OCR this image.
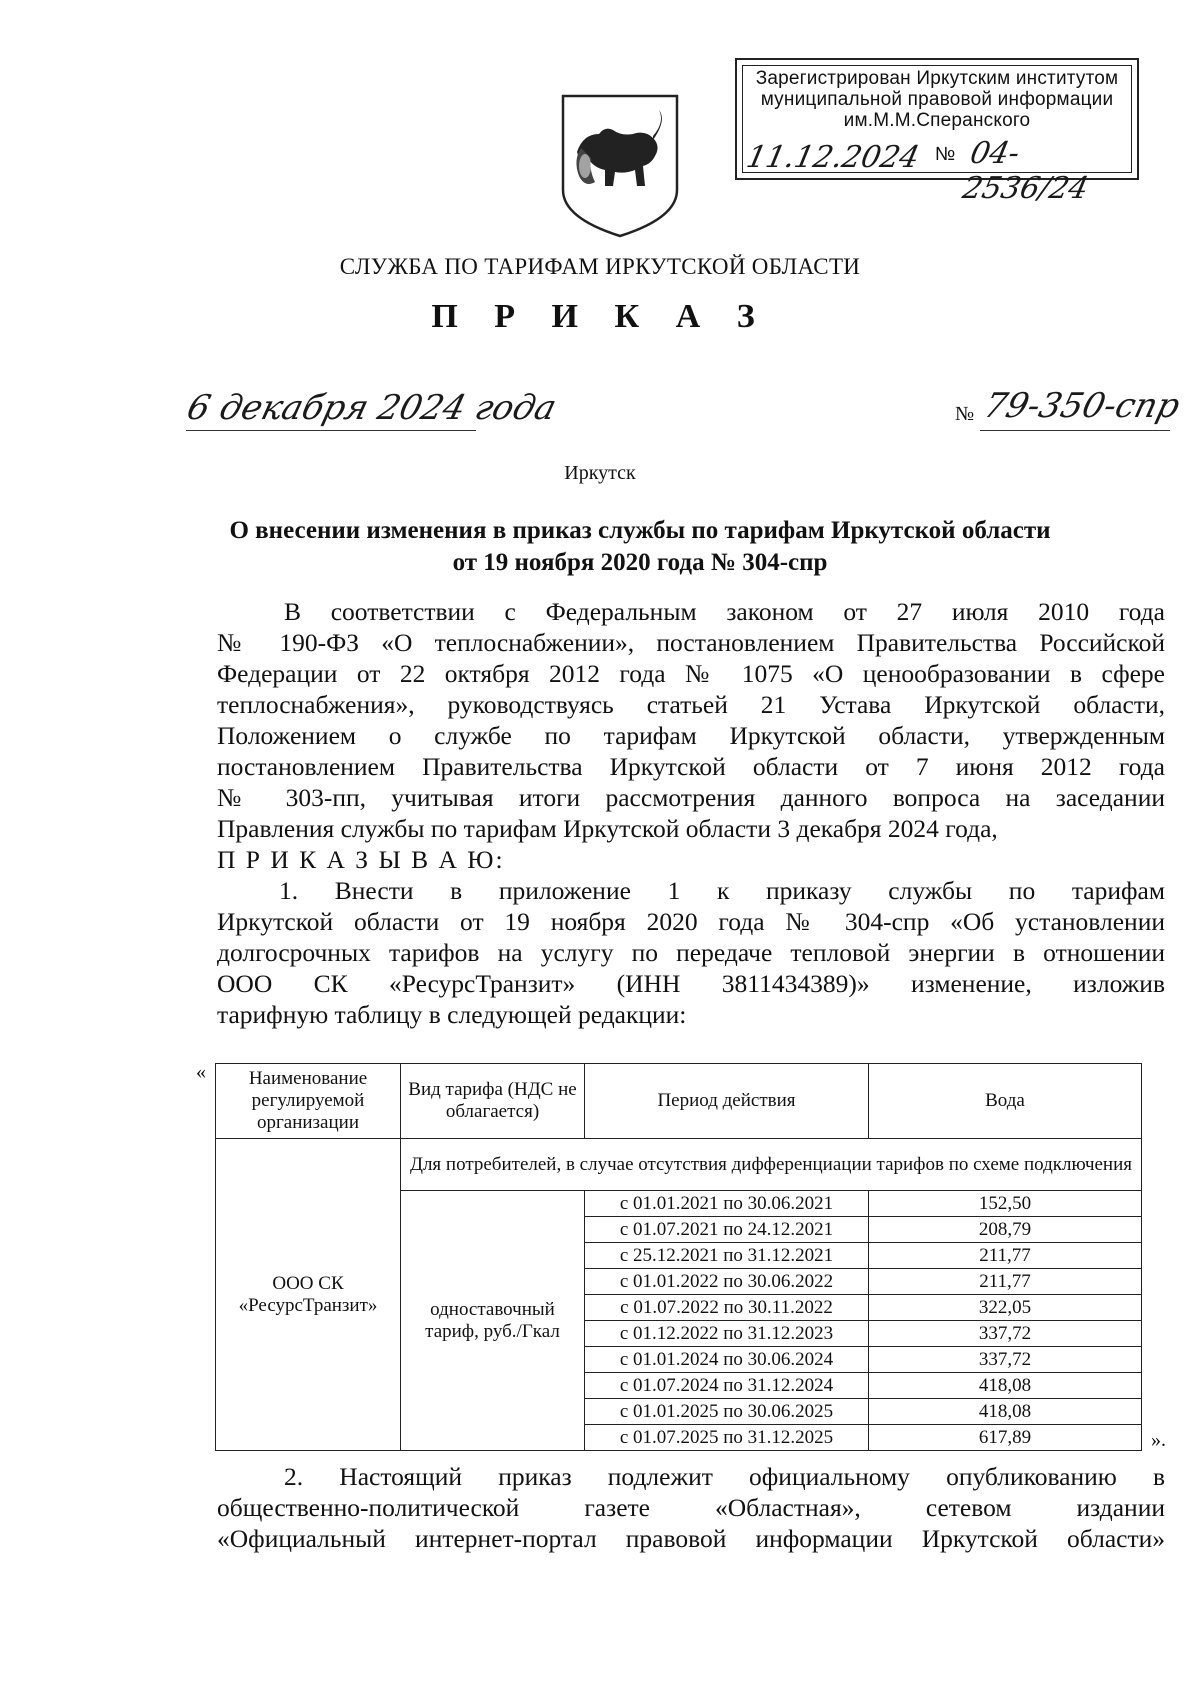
Зарегистрирован Иркутским институтом
муниципальной правовой информации
им.М.М.Сперанского
11.12.2024 № 04-2536/24
СЛУЖБА ПО ТАРИФАМ ИРКУТСКОЙ ОБЛАСТИ
П Р И К А З
6 декабря 2024 года	№ 79-350-спр
Иркутск
О внесении изменения в приказ службы по тарифам Иркутской области
от 19 ноября 2020 года № 304-спр
В соответствии с Федеральным законом от 27 июля 2010 года
№ 190-ФЗ «О теплоснабжении», постановлением Правительства Российской
Федерации от 22 октября 2012 года № 1075 «О ценообразовании в сфере
теплоснабжения», руководствуясь статьей 21 Устава Иркутской области,
Положением о службе по тарифам Иркутской области, утвержденным
постановлением Правительства Иркутской области от 7 июня 2012 года
№ 303-пп, учитывая итоги рассмотрения данного вопроса на заседании
Правления службы по тарифам Иркутской области 3 декабря 2024 года,
П Р И К А З Ы В А Ю:
1. Внести в приложение 1 к приказу службы по тарифам
Иркутской области от 19 ноября 2020 года № 304-спр «Об установлении
долгосрочных тарифов на услугу по передаче тепловой энергии в отношении
ООО СК «РесурсТранзит» (ИНН 3811434389)» изменение, изложив
тарифную таблицу в следующей редакции:
« Наименование регулируемой организации	Вид тарифа (НДС не облагается)	Период действия	Вода
ООО СК «РесурсТранзит»	Для потребителей, в случае отсутствия дифференциации тарифов по схеме подключения		
	одноставочный тариф, руб./Гкал	с 01.01.2021 по 30.06.2021	152,50
		с 01.07.2021 по 24.12.2021	208,79
		с 25.12.2021 по 31.12.2021	211,77
		с 01.01.2022 по 30.06.2022	211,77
		с 01.07.2022 по 30.11.2022	322,05
		с 01.12.2022 по 31.12.2023	337,72
		с 01.01.2024 по 30.06.2024	337,72
		с 01.07.2024 по 31.12.2024	418,08
		с 01.01.2025 по 30.06.2025	418,08
		с 01.07.2025 по 31.12.2025	617,89	».
2. Настоящий приказ подлежит официальному опубликованию в
общественно-политической газете «Областная», сетевом издании
«Официальный интернет-портал правовой информации Иркутской области»
